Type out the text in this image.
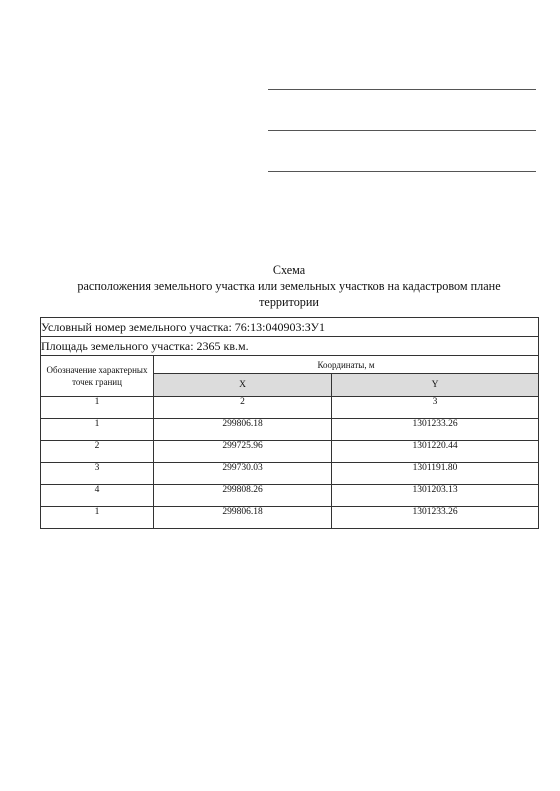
Схема
расположения земельного участка или земельных участков на кадастровом плане
территории
Условный номер земельного участка: 76:13:040903:ЗУ1		
Площадь земельного участка: 2365 кв.м.		
Обозначение характерных точек границ	Координаты, м	
	X	Y
1	2	3
1	299806.18	1301233.26
2	299725.96	1301220.44
3	299730.03	1301191.80
4	299808.26	1301203.13
1	299806.18	1301233.26
